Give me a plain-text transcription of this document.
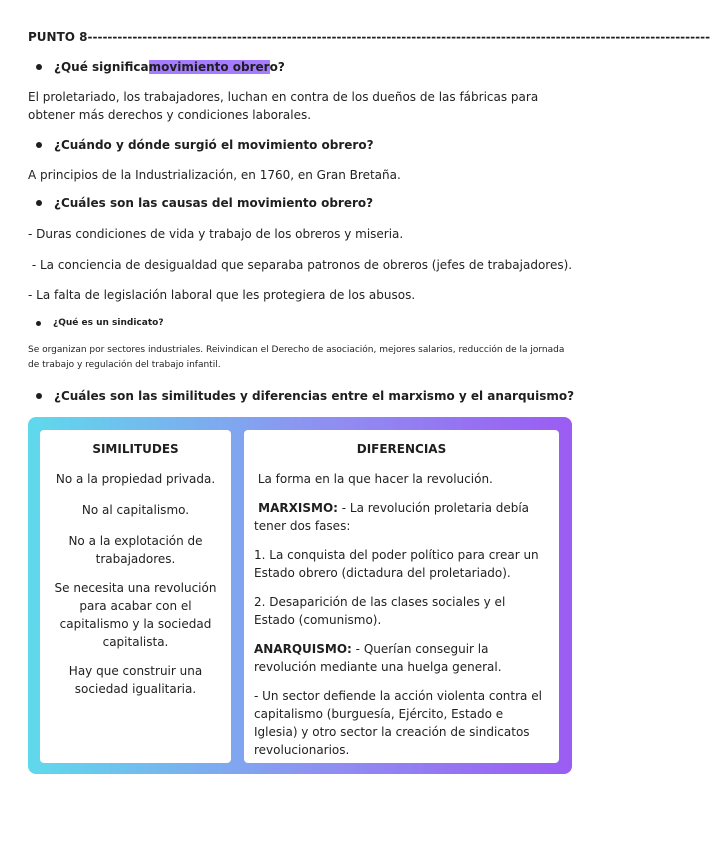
PUNTO 8-----------------------------------------------------------------------------------------------------------------------------
¿Qué significa movimiento obrer o?
El proletariado, los trabajadores, luchan en contra de los dueños de las fábricas para obtener más derechos y condiciones laborales.
¿Cuándo y dónde surgió el movimiento obrero?
A principios de la Industrialización, en 1760, en Gran Bretaña.
¿Cuáles son las causas del movimiento obrero?
- Duras condiciones de vida y trabajo de los obreros y miseria.
- La conciencia de desigualdad que separaba patronos de obreros (jefes de trabajadores).
- La falta de legislación laboral que les protegiera de los abusos.
¿Qué es un sindicato?
Se organizan por sectores industriales. Reivindican el Derecho de asociación, mejores salarios, reducción de la jornada de trabajo y regulación del trabajo infantil.
¿Cuáles son las similitudes y diferencias entre el marxismo y el anarquismo?
SIMILITUDES
No a la propiedad privada.
No al capitalismo.
No a la explotación de trabajadores.
Se necesita una revolución para acabar con el capitalismo y la sociedad capitalista.
Hay que construir una sociedad igualitaria.
DIFERENCIAS
La forma en la que hacer la revolución.
MARXISMO: - La revolución proletaria debía tener dos fases:
1. La conquista del poder político para crear un Estado obrero (dictadura del proletariado).
2. Desaparición de las clases sociales y el Estado (comunismo).
ANARQUISMO: - Querían conseguir la revolución mediante una huelga general.
- Un sector defiende la acción violenta contra el capitalismo (burguesía, Ejército, Estado e Iglesia) y otro sector la creación de sindicatos revolucionarios.
